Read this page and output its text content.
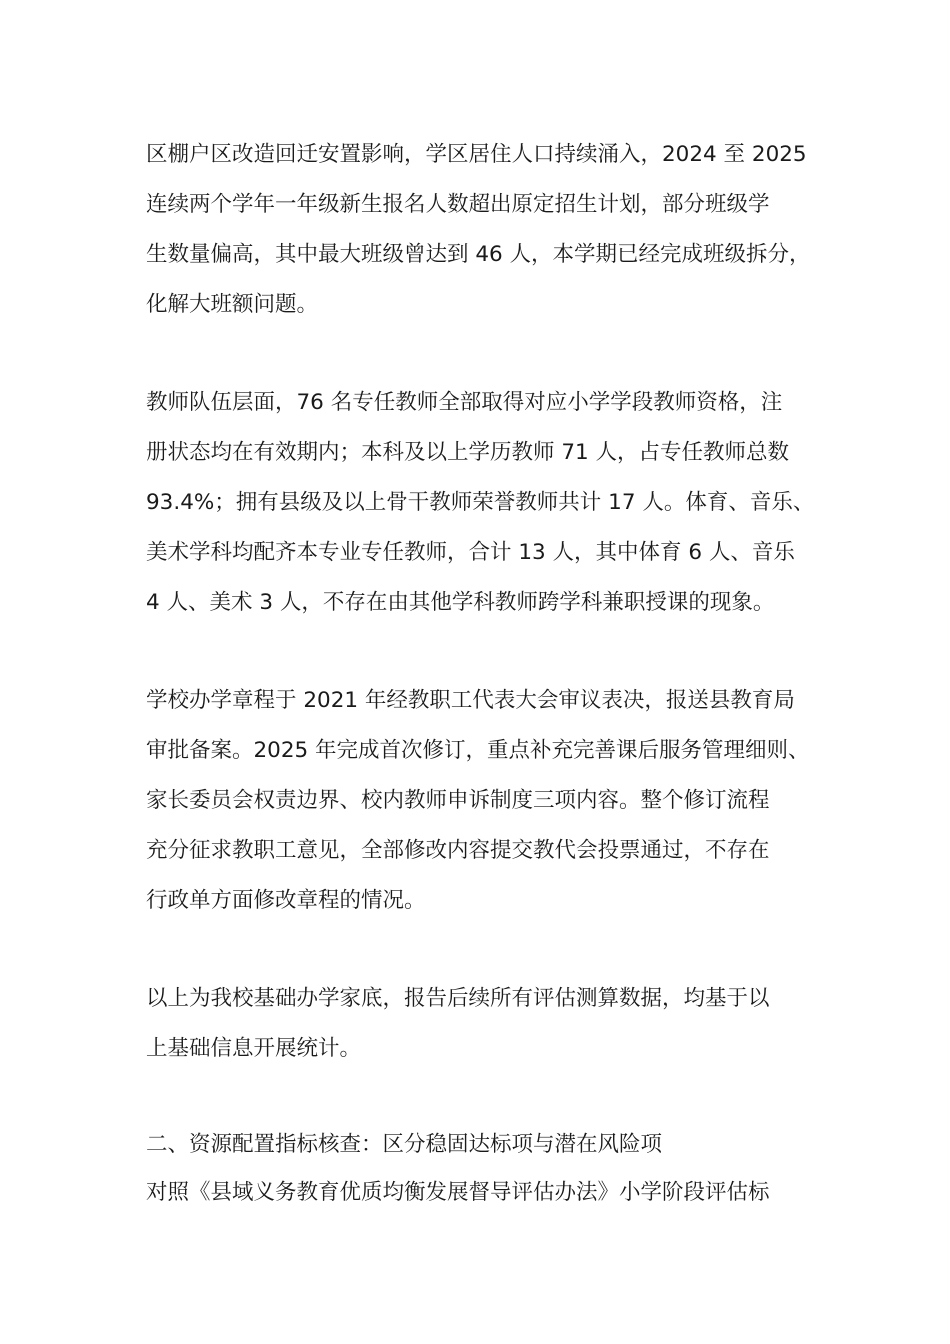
区棚户区改造回迁安置影响，学区居住人口持续涌入，2024 至 2025
连续两个学年一年级新生报名人数超出原定招生计划，部分班级学
生数量偏高，其中最大班级曾达到 46 人，本学期已经完成班级拆分，
化解大班额问题。
教师队伍层面，76 名专任教师全部取得对应小学学段教师资格，注
册状态均在有效期内；本科及以上学历教师 71 人，占专任教师总数
93.4%；拥有县级及以上骨干教师荣誉教师共计 17 人。体育、音乐、
美术学科均配齐本专业专任教师，合计 13 人，其中体育 6 人、音乐
4 人、美术 3 人，不存在由其他学科教师跨学科兼职授课的现象。
学校办学章程于 2021 年经教职工代表大会审议表决，报送县教育局
审批备案。2025 年完成首次修订，重点补充完善课后服务管理细则、
家长委员会权责边界、校内教师申诉制度三项内容。整个修订流程
充分征求教职工意见，全部修改内容提交教代会投票通过，不存在
行政单方面修改章程的情况。
以上为我校基础办学家底，报告后续所有评估测算数据，均基于以
上基础信息开展统计。
二、资源配置指标核查：区分稳固达标项与潜在风险项
对照《县域义务教育优质均衡发展督导评估办法》小学阶段评估标
